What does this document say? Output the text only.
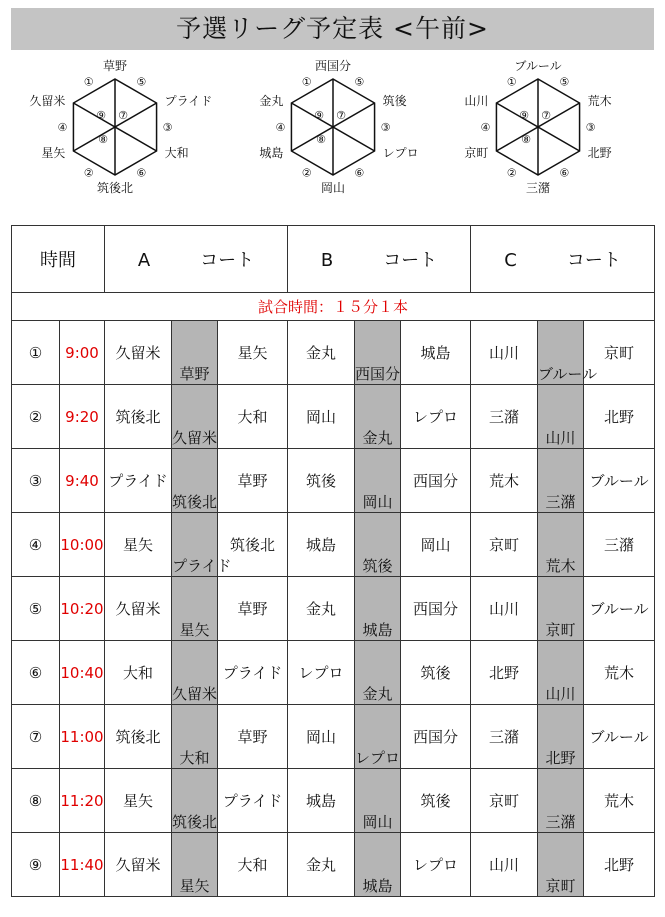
予選リーグ予定表 <午前>
草野
プライド
大和
筑後北
星矢
久留米
⑤
③
⑥
②
④
①
⑨ ⑦
⑧
西国分
筑後
レプロ
岡山
城島
金丸
⑤
③
⑥
②
④
①
⑨ ⑦
⑧
ブルール
荒木
北野
三潴
京町
山川
⑤
③
⑥
②
④
①
⑨ ⑦
⑧
時間		A コート			B コート			C コート		
試合時間：１５分１本										
①	9:00	久留米	草野	星矢	金丸	西国分	城島	山川	ブルール	京町
②	9:20	筑後北	久留米	大和	岡山	金丸	レプロ	三潴	山川	北野
③	9:40	プライド	筑後北	草野	筑後	岡山	西国分	荒木	三潴	ブルール
④	10:00	星矢	プライド	筑後北	城島	筑後	岡山	京町	荒木	三潴
⑤	10:20	久留米	星矢	草野	金丸	城島	西国分	山川	京町	ブルール
⑥	10:40	大和	久留米	プライド	レプロ	金丸	筑後	北野	山川	荒木
⑦	11:00	筑後北	大和	草野	岡山	レプロ	西国分	三潴	北野	ブルール
⑧	11:20	星矢	筑後北	プライド	城島	岡山	筑後	京町	三潴	荒木
⑨	11:40	久留米	星矢	大和	金丸	城島	レプロ	山川	京町	北野
